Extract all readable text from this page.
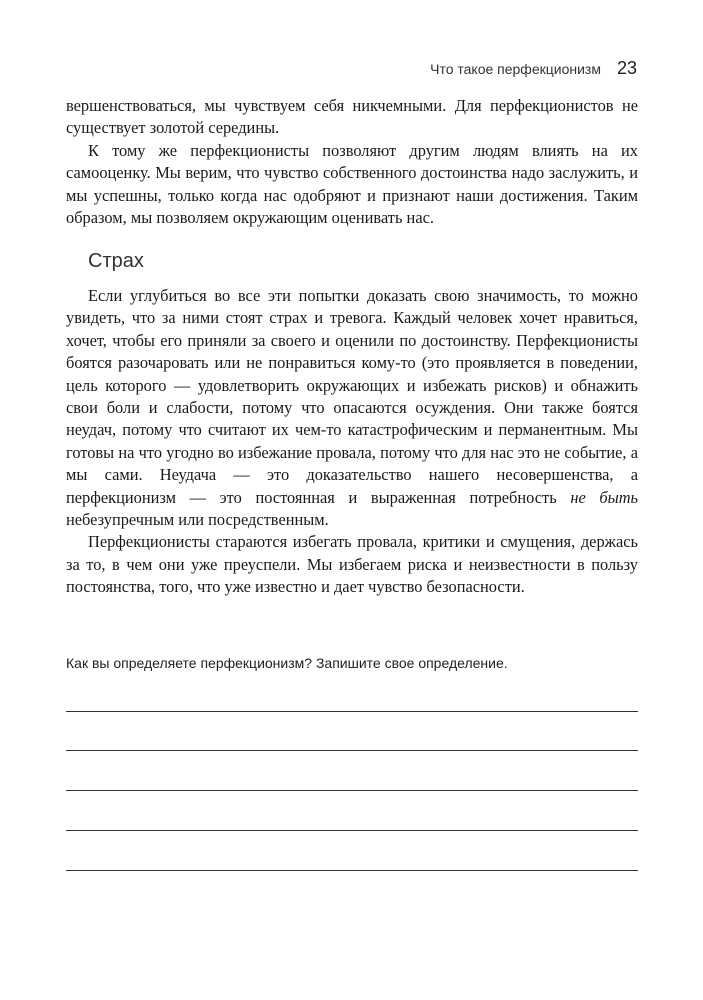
Что такое перфекционизм 23

вершенствоваться, мы чувствуем себя никчемными. Для перфекционистов не существует золотой середины.

К тому же перфекционисты позволяют другим людям влиять на их самооценку. Мы верим, что чувство собственного достоинства надо заслужить, и мы успешны, только когда нас одобряют и признают наши достижения. Таким образом, мы позволяем окружающим оценивать нас.

Страх

Если углубиться во все эти попытки доказать свою значимость, то можно увидеть, что за ними стоят страх и тревога. Каждый человек хочет нравиться, хочет, чтобы его приняли за своего и оценили по достоинству. Перфекционисты боятся разочаровать или не понравиться кому-то (это проявляется в поведении, цель которого — удовлетворить окружающих и избежать рисков) и обнажить свои боли и слабости, потому что опасаются осуждения. Они также боятся неудач, потому что считают их чем-то катастрофическим и перманентным. Мы готовы на что угодно во избежание провала, потому что для нас это не событие, а мы сами. Неудача — это доказательство нашего несовершенства, а перфекционизм — это постоянная и выраженная потребность не быть небезупречным или посредственным.

Перфекционисты стараются избегать провала, критики и смущения, держась за то, в чем они уже преуспели. Мы избегаем риска и неизвестности в пользу постоянства, того, что уже известно и дает чувство безопасности.

Как вы определяете перфекционизм? Запишите свое определение.
